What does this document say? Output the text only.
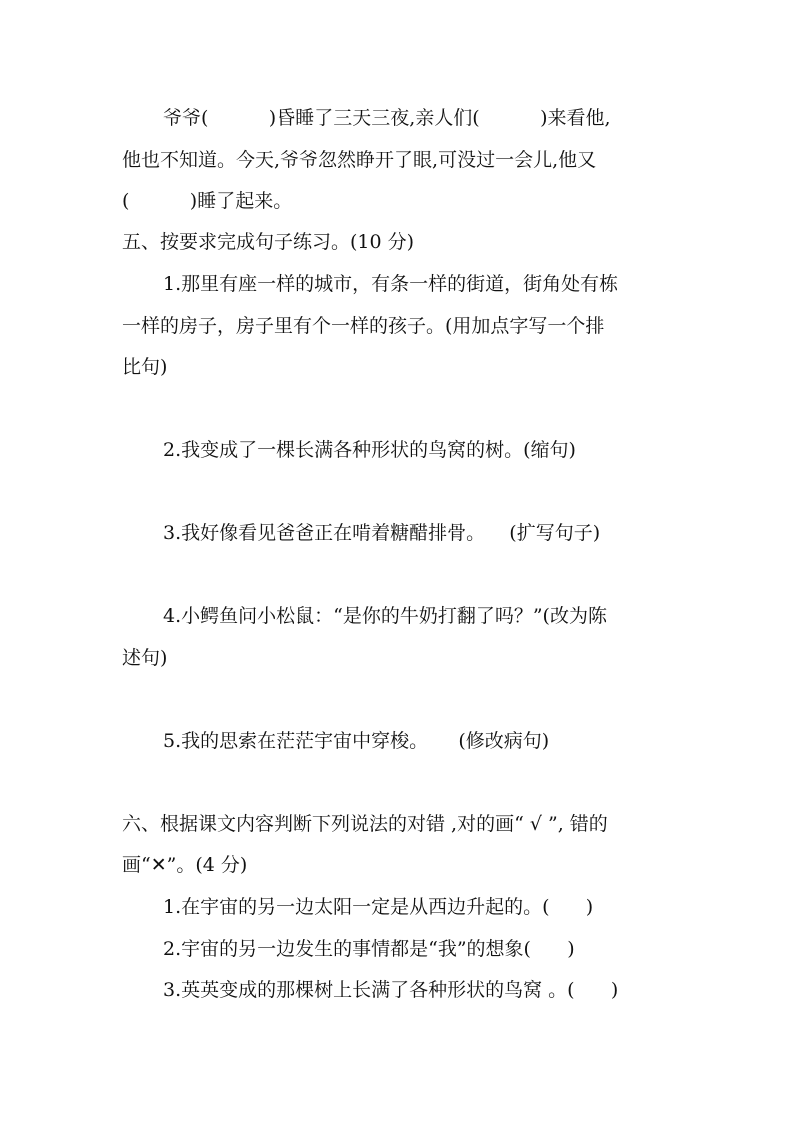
爷爷(          )昏睡了三天三夜,亲人们(          )来看他,
他也不知道。今天,爷爷忽然睁开了眼,可没过一会儿,他又
(          )睡了起来。
五、按要求完成句子练习。(10 分)
1.那里有座一样的城市，有条一样的街道，街角处有栋
一样的房子，房子里有个一样的孩子。(用加点字写一个排
比句)
2.我变成了一棵长满各种形状的鸟窝的树。(缩句)
3.我好像看见爸爸正在啃着糖醋排骨。    (扩写句子)
4.小鳄鱼问小松鼠：“是你的牛奶打翻了吗？”(改为陈
述句)
5.我的思索在茫茫宇宙中穿梭。     (修改病句)
六、根据课文内容判断下列说法的对错 ,对的画“ √ ”, 错的
画“✕”。(4 分)
1.在宇宙的另一边太阳一定是从西边升起的。(      )
2.宇宙的另一边发生的事情都是“我”的想象(      )
3.英英变成的那棵树上长满了各种形状的鸟窝 。(      )
